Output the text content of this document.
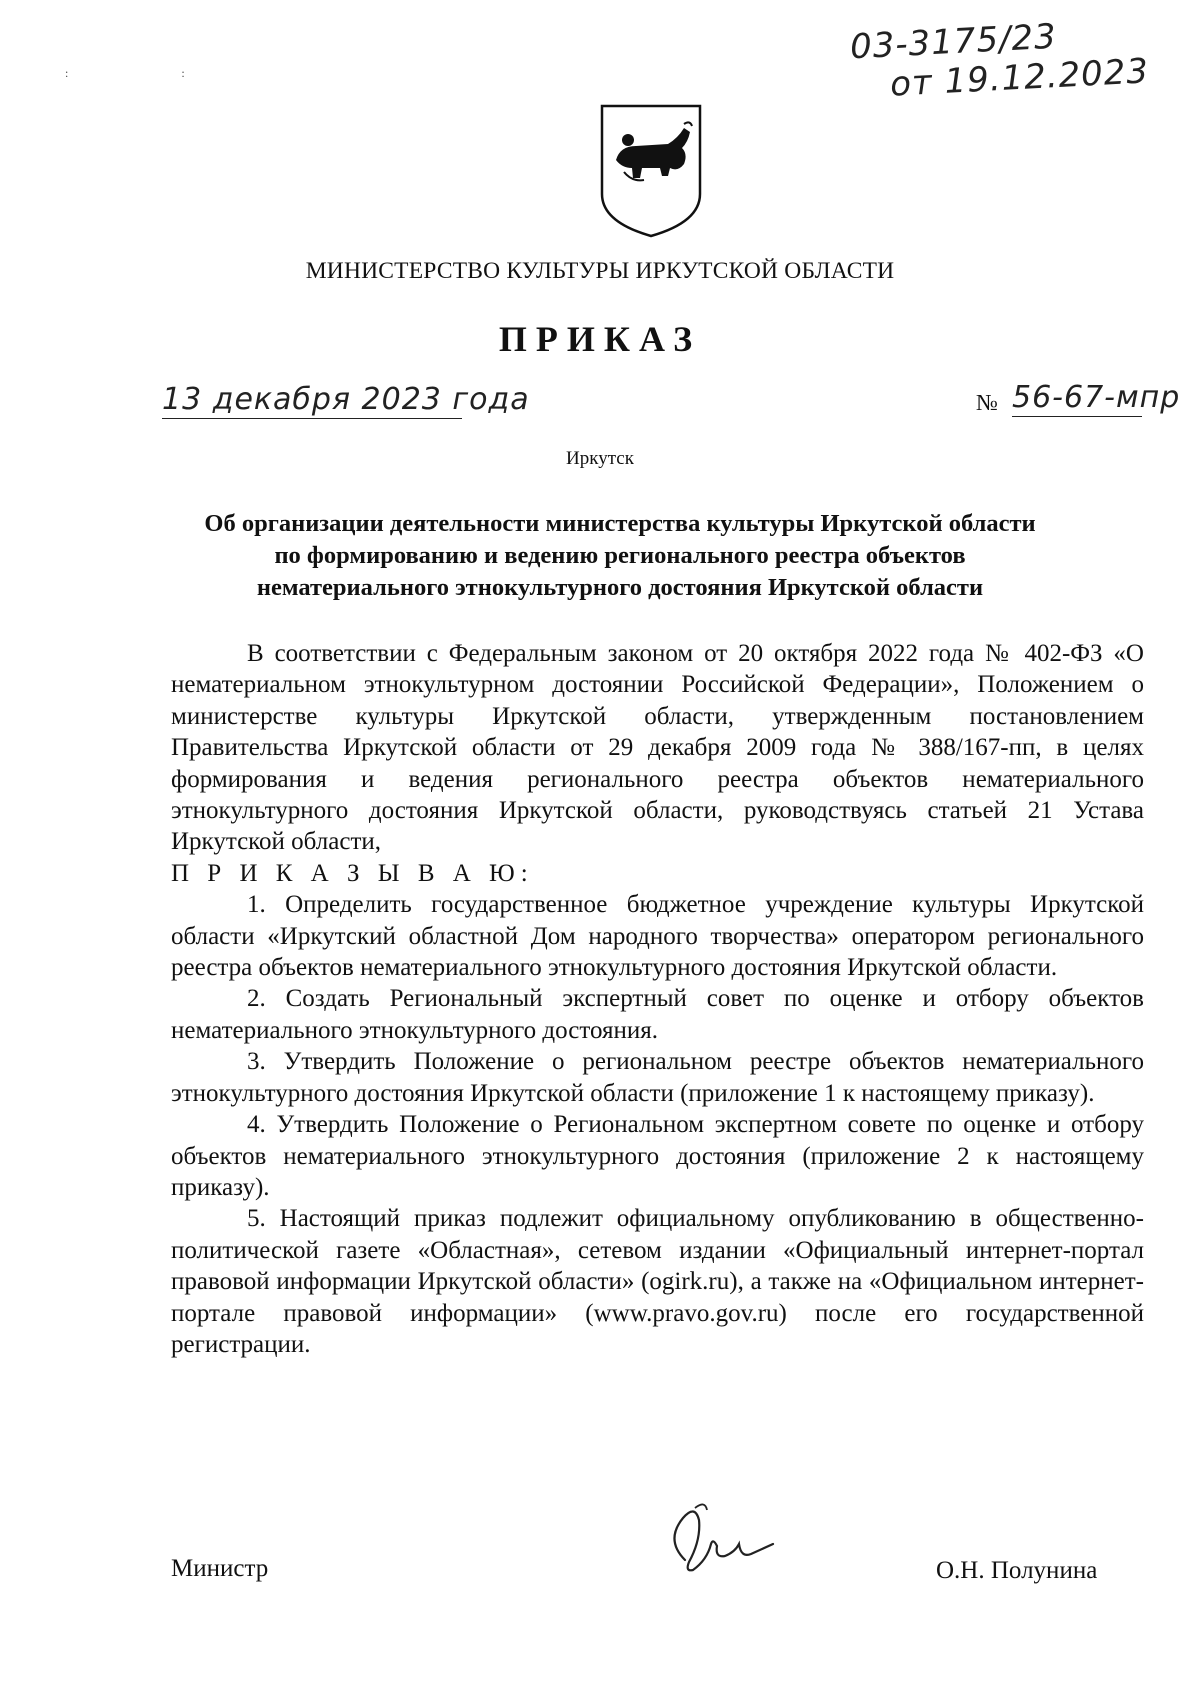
03-3175/23
от 19.12.2023
: :
МИНИСТЕРСТВО КУЛЬТУРЫ ИРКУТСКОЙ ОБЛАСТИ
ПРИКАЗ
13 декабря 2023 года	№ 56-67-мпр
Иркутск
Об организации деятельности министерства культуры Иркутской области по формированию и ведению регионального реестра объектов нематериального этнокультурного достояния Иркутской области

В соответствии с Федеральным законом от 20 октября 2022 года № 402-ФЗ «О нематериальном этнокультурном достоянии Российской Федерации», Положением о министерстве культуры Иркутской области, утвержденным постановлением Правительства Иркутской области от 29 декабря 2009 года № 388/167-пп, в целях формирования и ведения регионального реестра объектов нематериального этнокультурного достояния Иркутской области, руководствуясь статьей 21 Устава Иркутской области,

П Р И К А З Ы В А Ю:

1. Определить государственное бюджетное учреждение культуры Иркутской области «Иркутский областной Дом народного творчества» оператором регионального реестра объектов нематериального этнокультурного достояния Иркутской области.

2. Создать Региональный экспертный совет по оценке и отбору объектов нематериального этнокультурного достояния.

3. Утвердить Положение о региональном реестре объектов нематериального этнокультурного достояния Иркутской области (приложение 1 к настоящему приказу).

4. Утвердить Положение о Региональном экспертном совете по оценке и отбору объектов нематериального этнокультурного достояния (приложение 2 к настоящему приказу).

5. Настоящий приказ подлежит официальному опубликованию в общественно-политической газете «Областная», сетевом издании «Официальный интернет-портал правовой информации Иркутской области» (ogirk.ru), а также на «Официальном интернет-портале правовой информации» (www.pravo.gov.ru) после его государственной регистрации.

Министр	О.Н. Полунина
